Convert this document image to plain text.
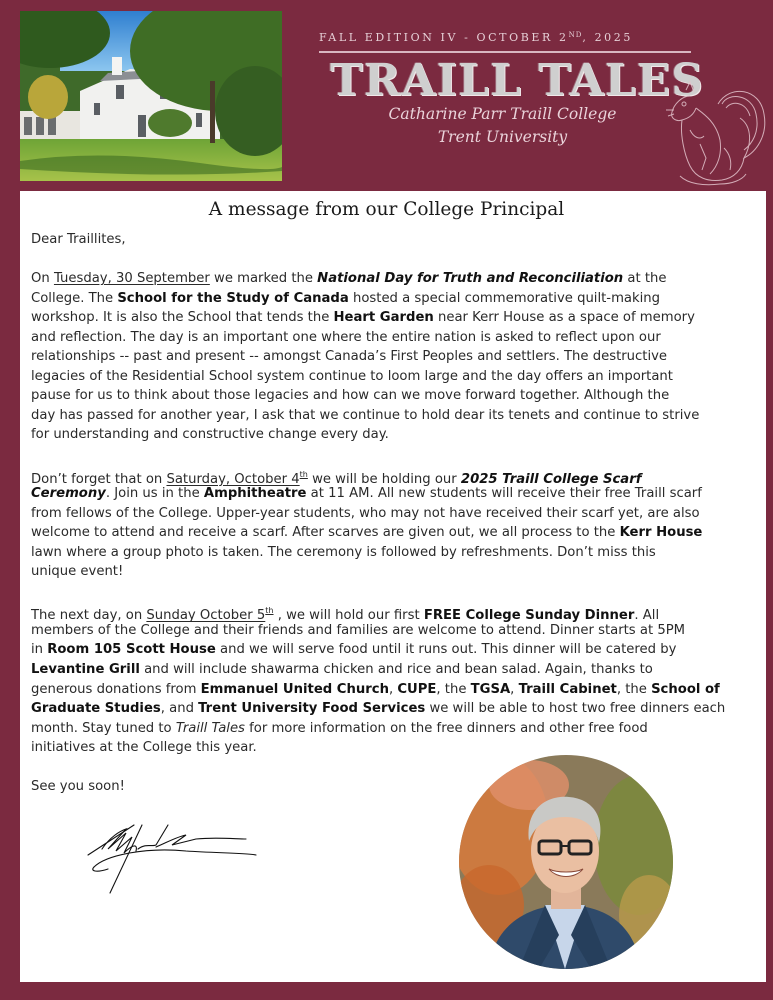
FALL EDITION IV - OCTOBER 2ND, 2025
TRAILL TALES
Catharine Parr Traill College
Trent University
A message from our College Principal
Dear Traillites,
On Tuesday, 30 September we marked the National Day for Truth and Reconciliation at the
College. The School for the Study of Canada hosted a special commemorative quilt-making
workshop. It is also the School that tends the Heart Garden near Kerr House as a space of memory
and reflection. The day is an important one where the entire nation is asked to reflect upon our
relationships -- past and present -- amongst Canada’s First Peoples and settlers. The destructive
legacies of the Residential School system continue to loom large and the day offers an important
pause for us to think about those legacies and how can we move forward together. Although the
day has passed for another year, I ask that we continue to hold dear its tenets and continue to strive
for understanding and constructive change every day.
Don’t forget that on Saturday, October 4th we will be holding our 2025 Traill College Scarf
Ceremony. Join us in the Amphitheatre at 11 AM. All new students will receive their free Traill scarf
from fellows of the College. Upper-year students, who may not have received their scarf yet, are also
welcome to attend and receive a scarf. After scarves are given out, we all process to the Kerr House
lawn where a group photo is taken. The ceremony is followed by refreshments. Don’t miss this
unique event!
The next day, on Sunday October 5th , we will hold our first FREE College Sunday Dinner. All
members of the College and their friends and families are welcome to attend. Dinner starts at 5PM
in Room 105 Scott House and we will serve food until it runs out. This dinner will be catered by
Levantine Grill and will include shawarma chicken and rice and bean salad. Again, thanks to
generous donations from Emmanuel United Church, CUPE, the TGSA, Traill Cabinet, the School of
Graduate Studies, and Trent University Food Services we will be able to host two free dinners each
month. Stay tuned to Traill Tales for more information on the free dinners and other free food
initiatives at the College this year.
See you soon!
